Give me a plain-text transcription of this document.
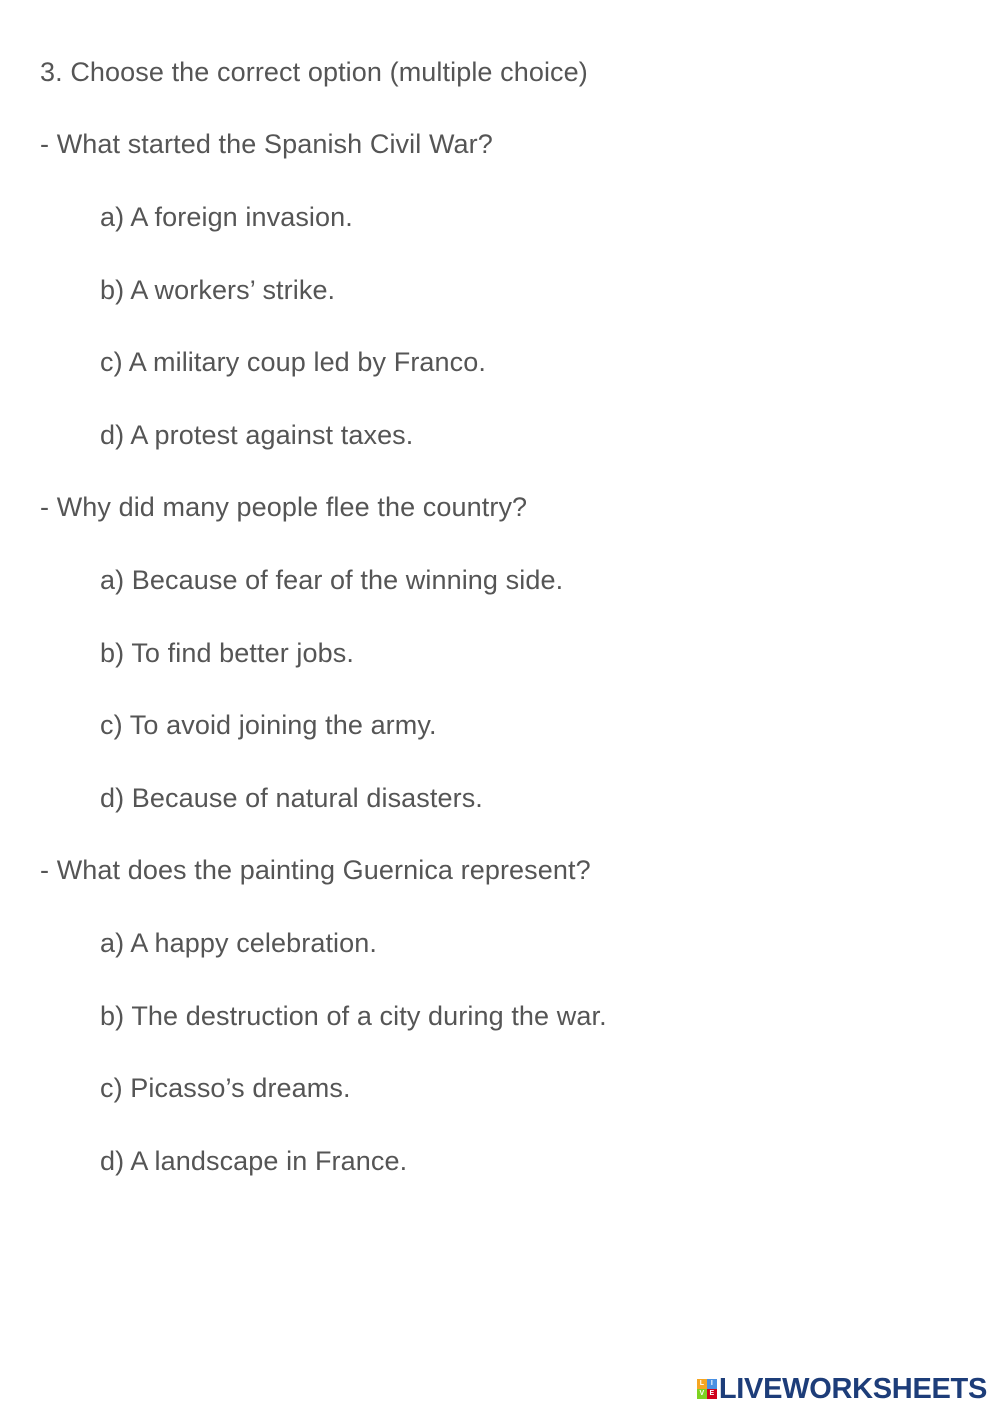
3. Choose the correct option (multiple choice)
- What started the Spanish Civil War?
a) A foreign invasion.
b) A workers’ strike.
c) A military coup led by Franco.
d) A protest against taxes.
- Why did many people flee the country?
a) Because of fear of the winning side.
b) To find better jobs.
c) To avoid joining the army.
d) Because of natural disasters.
- What does the painting Guernica represent?
a) A happy celebration.
b) The destruction of a city during the war.
c) Picasso’s dreams.
d) A landscape in France.
L I
V E LIVEWORKSHEETS
